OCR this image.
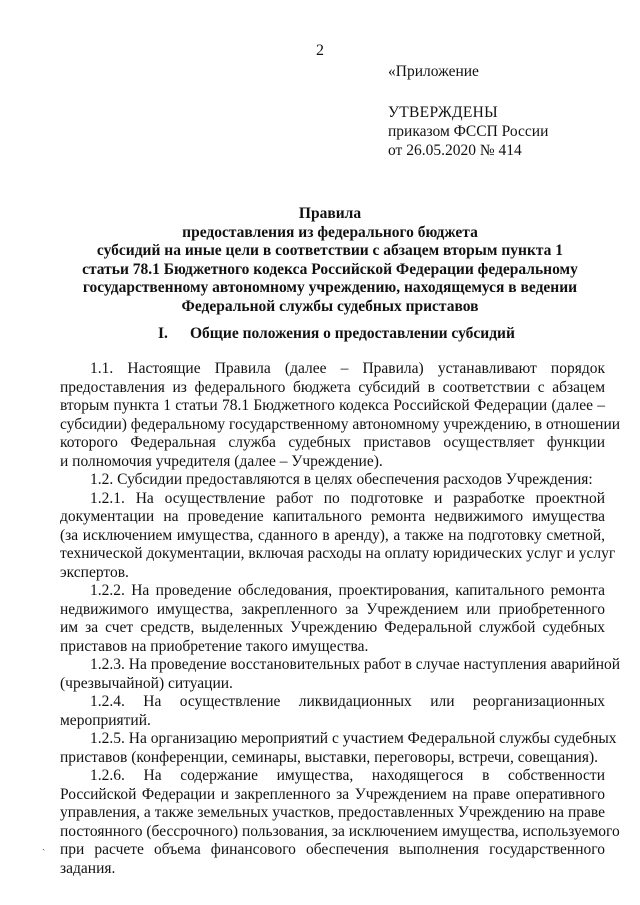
2
«Приложение
УТВЕРЖДЕНЫ
приказом ФССП России
от 26.05.2020 № 414
Правила
предоставления из федерального бюджета
субсидий на иные цели в соответствии с абзацем вторым пункта 1
статьи 78.1 Бюджетного кодекса Российской Федерации федеральному
государственному автономному учреждению, находящемуся в ведении
Федеральной службы судебных приставов
I. Общие положения о предоставлении субсидий
1.1. Настоящие Правила (далее – Правила) устанавливают порядок
предоставления из федерального бюджета субсидий в соответствии с абзацем
вторым пункта 1 статьи 78.1 Бюджетного кодекса Российской Федерации (далее –
субсидии) федеральному государственному автономному учреждению, в отношении
которого Федеральная служба судебных приставов осуществляет функции
и полномочия учредителя (далее – Учреждение).
1.2. Субсидии предоставляются в целях обеспечения расходов Учреждения:
1.2.1. На осуществление работ по подготовке и разработке проектной
документации на проведение капитального ремонта недвижимого имущества
(за исключением имущества, сданного в аренду), а также на подготовку сметной,
технической документации, включая расходы на оплату юридических услуг и услуг
экспертов.
1.2.2. На проведение обследования, проектирования, капитального ремонта
недвижимого имущества, закрепленного за Учреждением или приобретенного
им за счет средств, выделенных Учреждению Федеральной службой судебных
приставов на приобретение такого имущества.
1.2.3. На проведение восстановительных работ в случае наступления аварийной
(чрезвычайной) ситуации.
1.2.4. На осуществление ликвидационных или реорганизационных
мероприятий.
1.2.5. На организацию мероприятий с участием Федеральной службы судебных
приставов (конференции, семинары, выставки, переговоры, встречи, совещания).
1.2.6. На содержание имущества, находящегося в собственности
Российской Федерации и закрепленного за Учреждением на праве оперативного
управления, а также земельных участков, предоставленных Учреждению на праве
постоянного (бессрочного) пользования, за исключением имущества, используемого
при расчете объема финансового обеспечения выполнения государственного
задания.
ˏ
